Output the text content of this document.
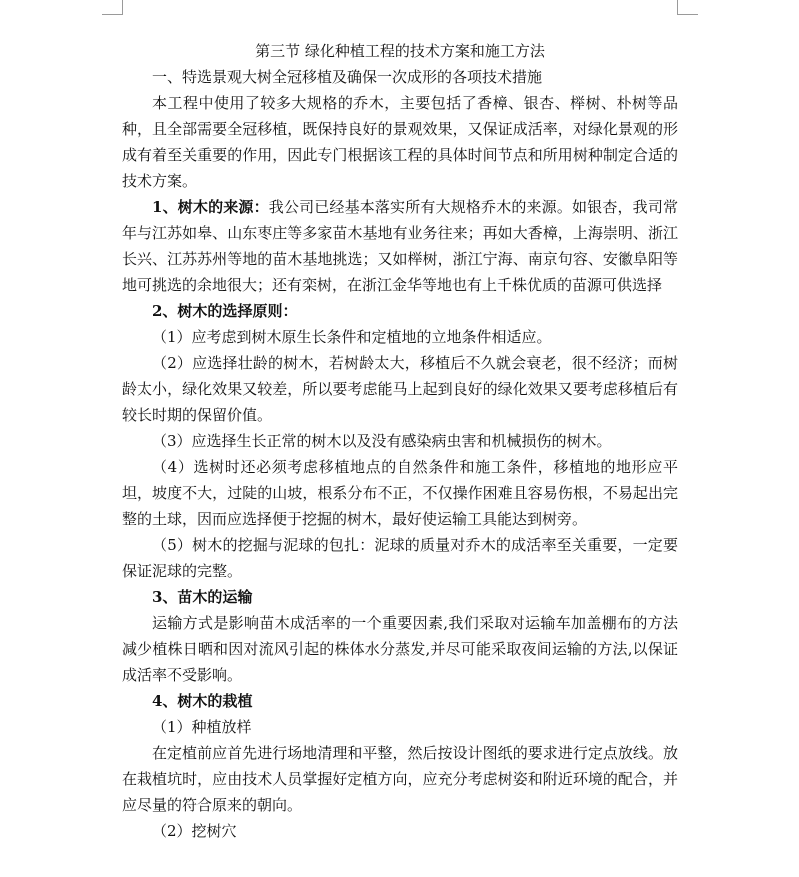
第三节 绿化种植工程的技术方案和施工方法

一、特选景观大树全冠移植及确保一次成形的各项技术措施

本工程中使用了较多大规格的乔木，主要包括了香樟、银杏、榉树、朴树等品种，且全部需要全冠移植，既保持良好的景观效果，又保证成活率，对绿化景观的形成有着至关重要的作用，因此专门根据该工程的具体时间节点和所用树种制定合适的技术方案。

1、树木的来源：我公司已经基本落实所有大规格乔木的来源。如银杏，我司常年与江苏如皋、山东枣庄等多家苗木基地有业务往来；再如大香樟，上海崇明、浙江长兴、江苏苏州等地的苗木基地挑选；又如榉树，浙江宁海、南京句容、安徽阜阳等地可挑选的余地很大；还有栾树，在浙江金华等地也有上千株优质的苗源可供选择

2、树木的选择原则：

（1）应考虑到树木原生长条件和定植地的立地条件相适应。

（2）应选择壮龄的树木，若树龄太大，移植后不久就会衰老，很不经济；而树龄太小，绿化效果又较差，所以要考虑能马上起到良好的绿化效果又要考虑移植后有较长时期的保留价值。

（3）应选择生长正常的树木以及没有感染病虫害和机械损伤的树木。

（4）选树时还必须考虑移植地点的自然条件和施工条件，移植地的地形应平坦，坡度不大，过陡的山坡，根系分布不正，不仅操作困难且容易伤根，不易起出完整的土球，因而应选择便于挖掘的树木，最好使运输工具能达到树旁。

（5）树木的挖掘与泥球的包扎：泥球的质量对乔木的成活率至关重要，一定要保证泥球的完整。

3、苗木的运输

运输方式是影响苗木成活率的一个重要因素,我们采取对运输车加盖棚布的方法减少植株日晒和因对流风引起的株体水分蒸发,并尽可能采取夜间运输的方法,以保证成活率不受影响。

4、树木的栽植

（1）种植放样

在定植前应首先进行场地清理和平整，然后按设计图纸的要求进行定点放线。放在栽植坑时，应由技术人员掌握好定植方向，应充分考虑树姿和附近环境的配合，并应尽量的符合原来的朝向。

（2）挖树穴
